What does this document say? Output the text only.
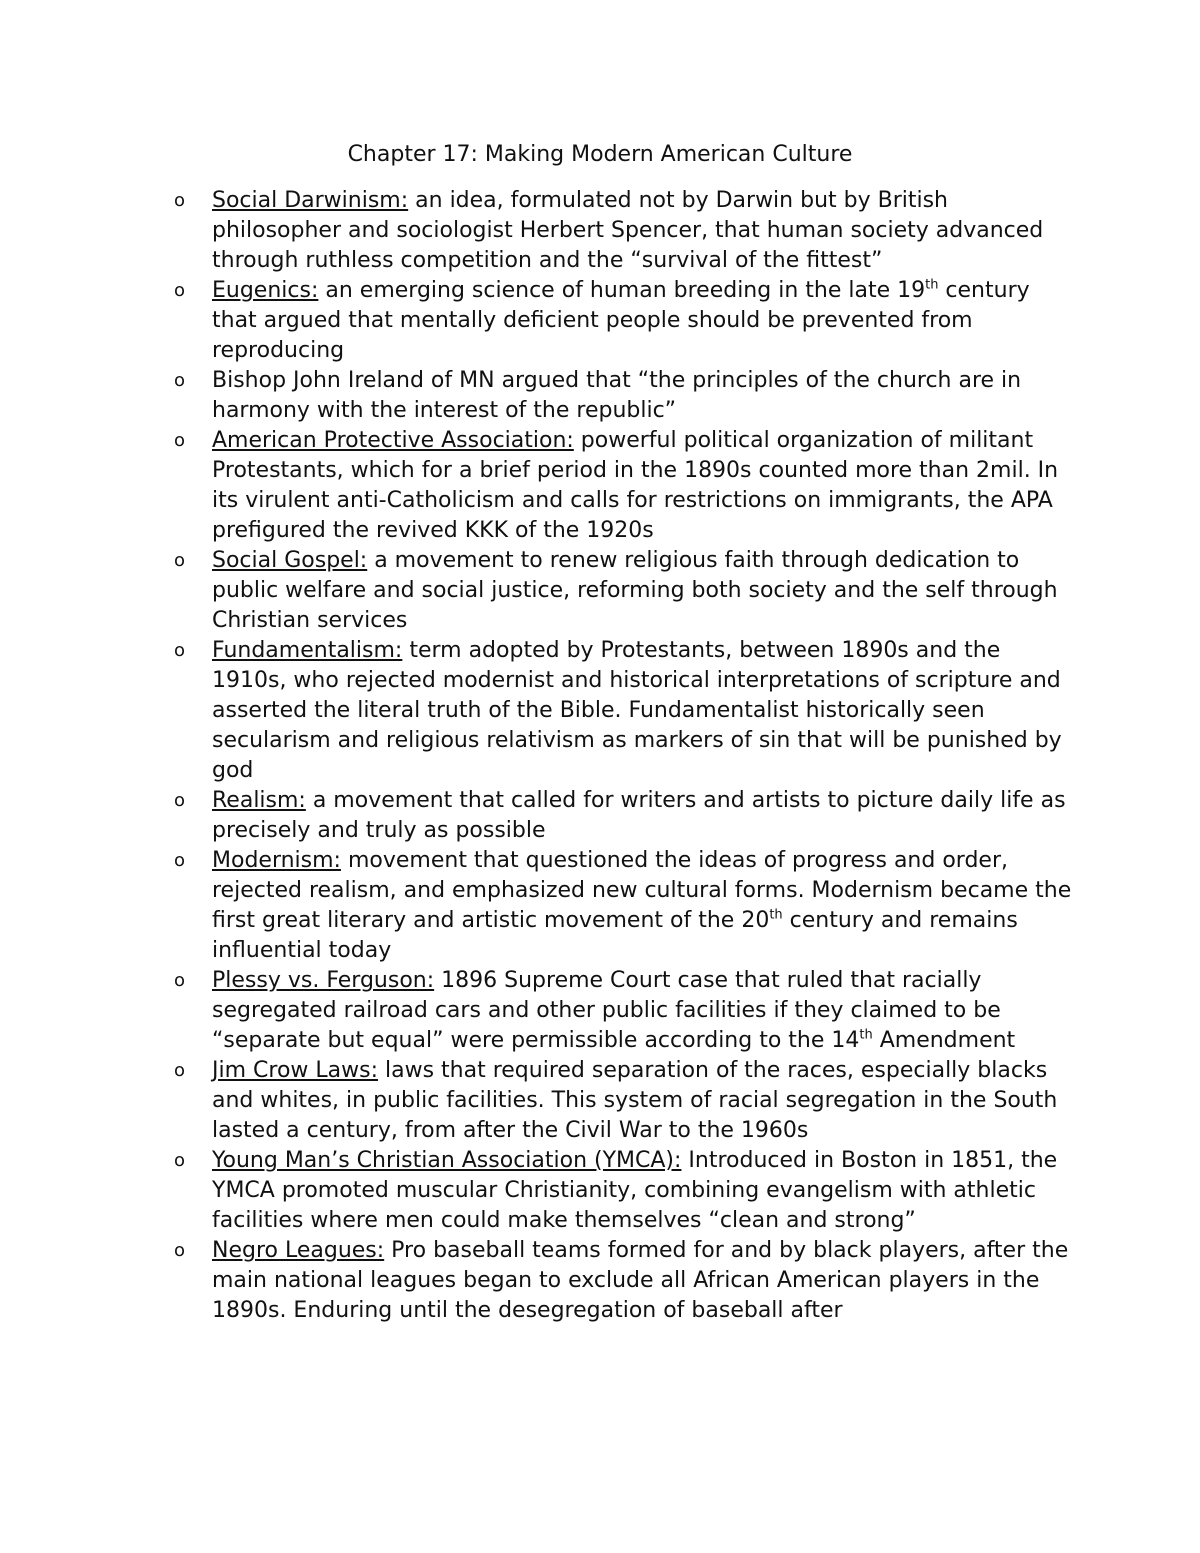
Chapter 17: Making Modern American Culture
o Social Darwinism: an idea, formulated not by Darwin but by British philosopher and sociologist Herbert Spencer, that human society advanced through ruthless competition and the “survival of the fittest”
o Eugenics: an emerging science of human breeding in the late 19th century that argued that mentally deficient people should be prevented from reproducing
o Bishop John Ireland of MN argued that “the principles of the church are in harmony with the interest of the republic”
o American Protective Association: powerful political organization of militant Protestants, which for a brief period in the 1890s counted more than 2mil. In its virulent anti-Catholicism and calls for restrictions on immigrants, the APA prefigured the revived KKK of the 1920s
o Social Gospel: a movement to renew religious faith through dedication to public welfare and social justice, reforming both society and the self through Christian services
o Fundamentalism: term adopted by Protestants, between 1890s and the 1910s, who rejected modernist and historical interpretations of scripture and asserted the literal truth of the Bible. Fundamentalist historically seen secularism and religious relativism as markers of sin that will be punished by god
o Realism: a movement that called for writers and artists to picture daily life as precisely and truly as possible
o Modernism: movement that questioned the ideas of progress and order, rejected realism, and emphasized new cultural forms. Modernism became the first great literary and artistic movement of the 20th century and remains influential today
o Plessy vs. Ferguson: 1896 Supreme Court case that ruled that racially segregated railroad cars and other public facilities if they claimed to be “separate but equal” were permissible according to the 14th Amendment
o Jim Crow Laws: laws that required separation of the races, especially blacks and whites, in public facilities. This system of racial segregation in the South lasted a century, from after the Civil War to the 1960s
o Young Man’s Christian Association (YMCA): Introduced in Boston in 1851, the YMCA promoted muscular Christianity, combining evangelism with athletic facilities where men could make themselves “clean and strong”
o Negro Leagues: Pro baseball teams formed for and by black players, after the main national leagues began to exclude all African American players in the 1890s. Enduring until the desegregation of baseball after
